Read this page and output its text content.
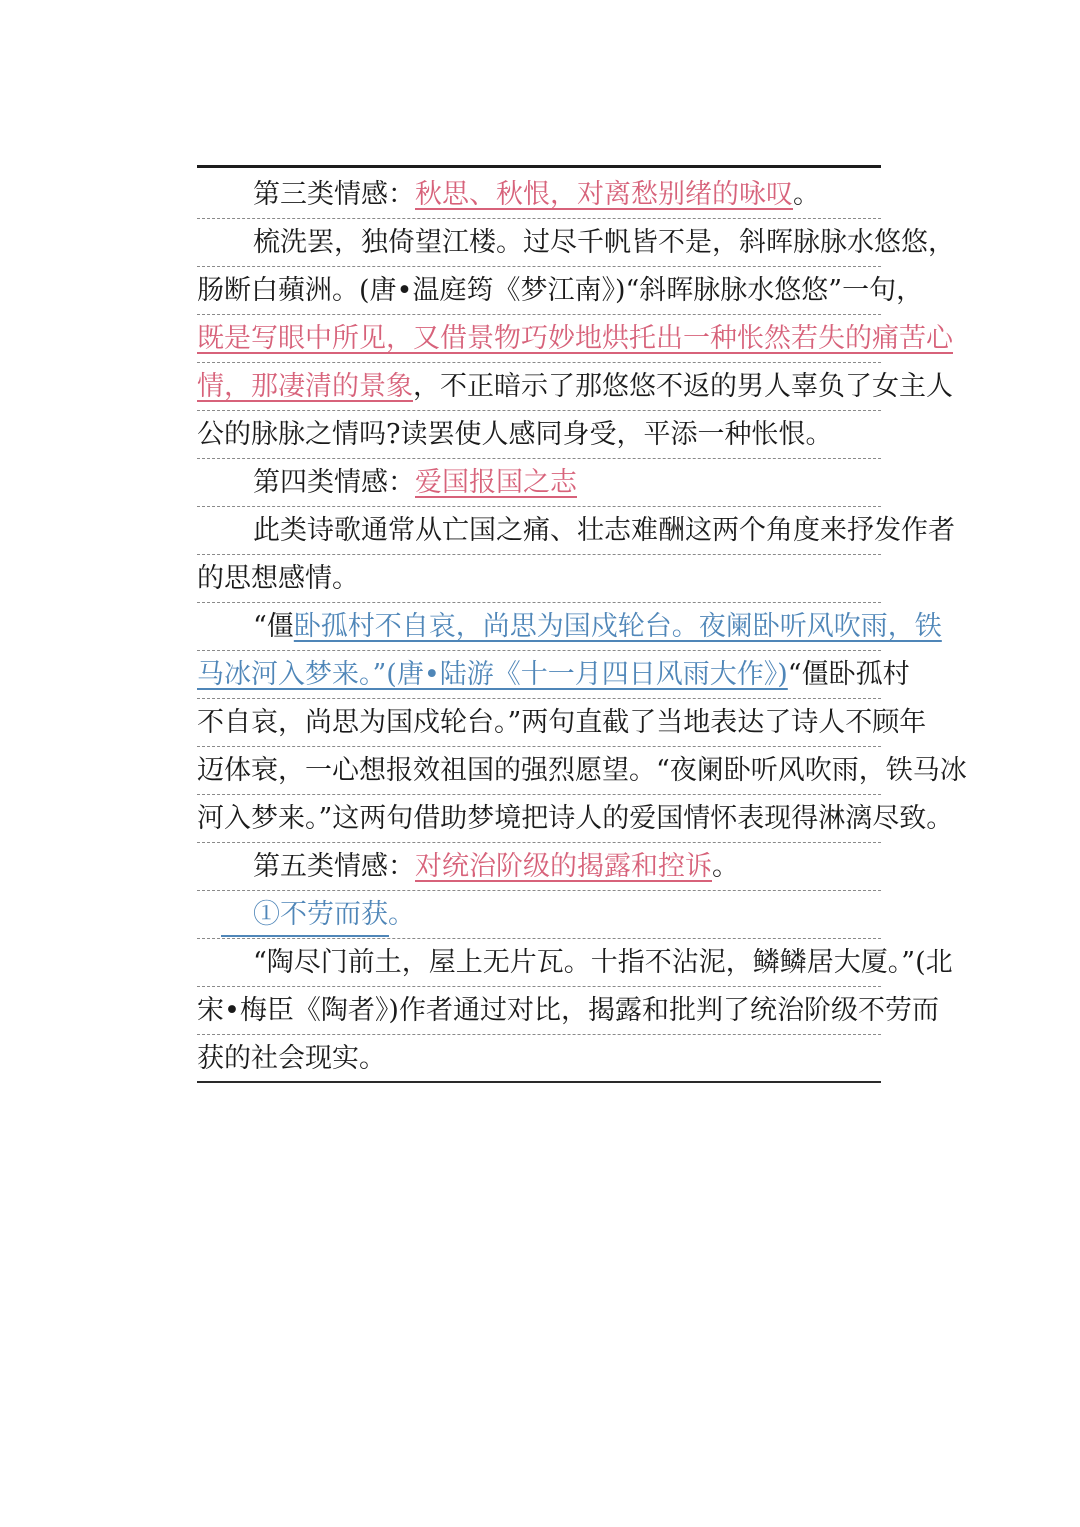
第三类情感：秋思、秋恨，对离愁别绪的咏叹。
梳洗罢，独倚望江楼。过尽千帆皆不是，斜晖脉脉水悠悠，
肠断白蘋洲。(唐•温庭筠《梦江南》)“斜晖脉脉水悠悠”一句，
既是写眼中所见，又借景物巧妙地烘托出一种怅然若失的痛苦心
情，那凄清的景象，不正暗示了那悠悠不返的男人辜负了女主人
公的脉脉之情吗?读罢使人感同身受，平添一种怅恨。
第四类情感：爱国报国之志
此类诗歌通常从亡国之痛、壮志难酬这两个角度来抒发作者
的思想感情。
“僵卧孤村不自哀，尚思为国戍轮台。夜阑卧听风吹雨，铁
马冰河入梦来。”(唐•陆游《十一月四日风雨大作》)“僵卧孤村
不自哀，尚思为国戍轮台。”两句直截了当地表达了诗人不顾年
迈体衰，一心想报效祖国的强烈愿望。“夜阑卧听风吹雨，铁马冰
河入梦来。”这两句借助梦境把诗人的爱国情怀表现得淋漓尽致。
第五类情感：对统治阶级的揭露和控诉。
①不劳而获。
“陶尽门前土，屋上无片瓦。十指不沾泥，鳞鳞居大厦。”(北
宋•梅臣《陶者》)作者通过对比，揭露和批判了统治阶级不劳而
获的社会现实。
